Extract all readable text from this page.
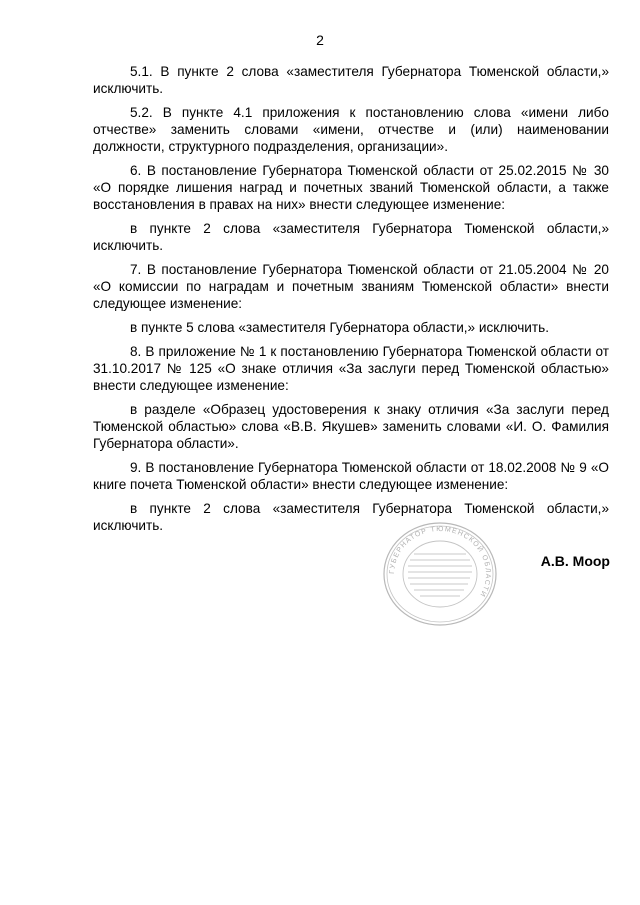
2

5.1. В пункте 2 слова «заместителя Губернатора Тюменской области,» исключить.

5.2. В пункте 4.1 приложения к постановлению слова «имени либо отчестве» заменить словами «имени, отчестве и (или) наименовании должности, структурного подразделения, организации».

6. В постановление Губернатора Тюменской области от 25.02.2015 № 30 «О порядке лишения наград и почетных званий Тюменской области, а также восстановления в правах на них» внести следующее изменение:

в пункте 2 слова «заместителя Губернатора Тюменской области,» исключить.

7. В постановление Губернатора Тюменской области от 21.05.2004 № 20 «О комиссии по наградам и почетным званиям Тюменской области» внести следующее изменение:

в пункте 5 слова «заместителя Губернатора области,» исключить.

8. В приложение № 1 к постановлению Губернатора Тюменской области от 31.10.2017 № 125 «О знаке отличия «За заслуги перед Тюменской областью» внести следующее изменение:

в разделе «Образец удостоверения к знаку отличия «За заслуги перед Тюменской областью» слова «В.В. Якушев» заменить словами «И. О. Фамилия Губернатора области».

9. В постановление Губернатора Тюменской области от 18.02.2008 № 9 «О книге почета Тюменской области» внести следующее изменение:

в пункте 2 слова «заместителя Губернатора Тюменской области,» исключить.

ГУБЕРНАТОР ТЮМЕНСКОЙ ОБЛАСТИ
А.В. Моор
